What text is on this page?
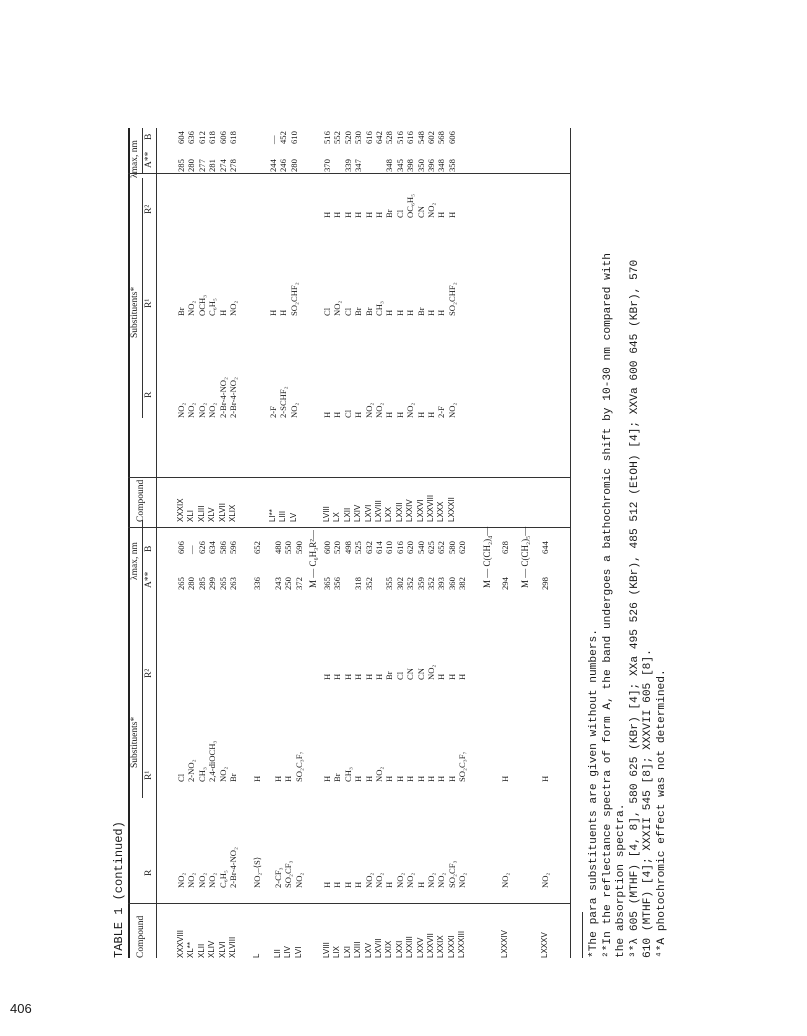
406
TABLE 1 (continued) Compound
Substituents*
λmax, nm
R
R¹
R²
A**
B
Compound
Substituents*
λmax, nm
R
R¹
R²
A**
B
XXXVIII
XL**
XLII
XLIV
XLVI
XLVIII
NO₂
NO₂
NO₂
NO₂
C₆H₅
2-Br-4-NO₂
Cl
2-NO₂
CH₃
2,4-diOCH₃
NO₂
Br
265
280
285
299
265
263
606
—
626
634
586
596
L

LII
LIV
LVI
NO₂–⟨S⟩

2-CF₃
SO₂CF₃
NO₂
H

H
H
SO₂C₃F₇
336

243
250
372
652

480
550
590 M — C₆H₃R²—
LVIII
LIX
LXI
LXIII
LXV
LXVII
LXIX
LXXI
LXXIII
LXXV
LXXVII
LXXIX
LXXXI
LXXXIII
H
H
H
H
NO₂
NO₂
H
NO₂
NO₂
H
NO₂
NO₂
SO₂CF₃
NO₂
H
Br
CH₃
H
H
NO₂
H
H
H
H
H
H
H
SO₂C₃F₇
H
H
H
H
H
H
Br
Cl
CN
CN
NO₂
H
H
H
365
356

318
352

355
302
352
359
352
393
360
382
600
520
498
525
632
614
610
616
620
540
625
652
580
620 M — C(CH₂)₄—
LXXXIV
NO₂
H
294
628 M — C(CH₂)₅—
LXXXV
NO₂
H
298
644
XXXIX
XLI
XLIII
XLV
XLVII
XLIX
NO₂
NO₂
NO₂
NO₂
2-Br-4-NO₂
2-Br-4-NO₂
Br
NO₂
OCH₃
C₆H₅
H
NO₂
285
280
277
281
274
278
604
636
612
618
606
618
LI**
LIII
LV
2-F
2-SCHF₂
NO₂
H
H
SO₂CHF₂
244
246
280
—
452
610
LVIII
LX
LXII
LXIV
LXVI
LXVIII
LXX
LXXII
LXXIV
LXXVI
LXXVIII
LXXX
LXXXII
H
H
Cl
H
NO₂
NO₂
H
H
NO₂
H
H
2-F
NO₂
Cl
NO₂
Cl
Br
Br
CH₃
H
H
H
Br
H
H
SO₂CHF₂
H
H
H
H
H
H
Br
Cl
OC₆H₅
CN
NO₂
H
H
370

339
347

348
345
398
350
396
348
358
516
552
520
530
616
642
528
516
616
548
602
568
606
*The para substituents are given without numbers. ²*In the reflectance spectra of form A, the band undergoes a bathochromic shift by 10-30 nm compared with the absorption spectra. ³*λ 605 (MTHF) [4, 8], 580 625 (KBr) [4]; XXa 495 526 (KBr), 485 512 (EtOH) [4]; XXVa 600 645 (KBr), 570 610 (MTHF) [4]; XXXII 545 [8]; XXXVII 605 [8]. ⁴*A photochromic effect was not determined.
